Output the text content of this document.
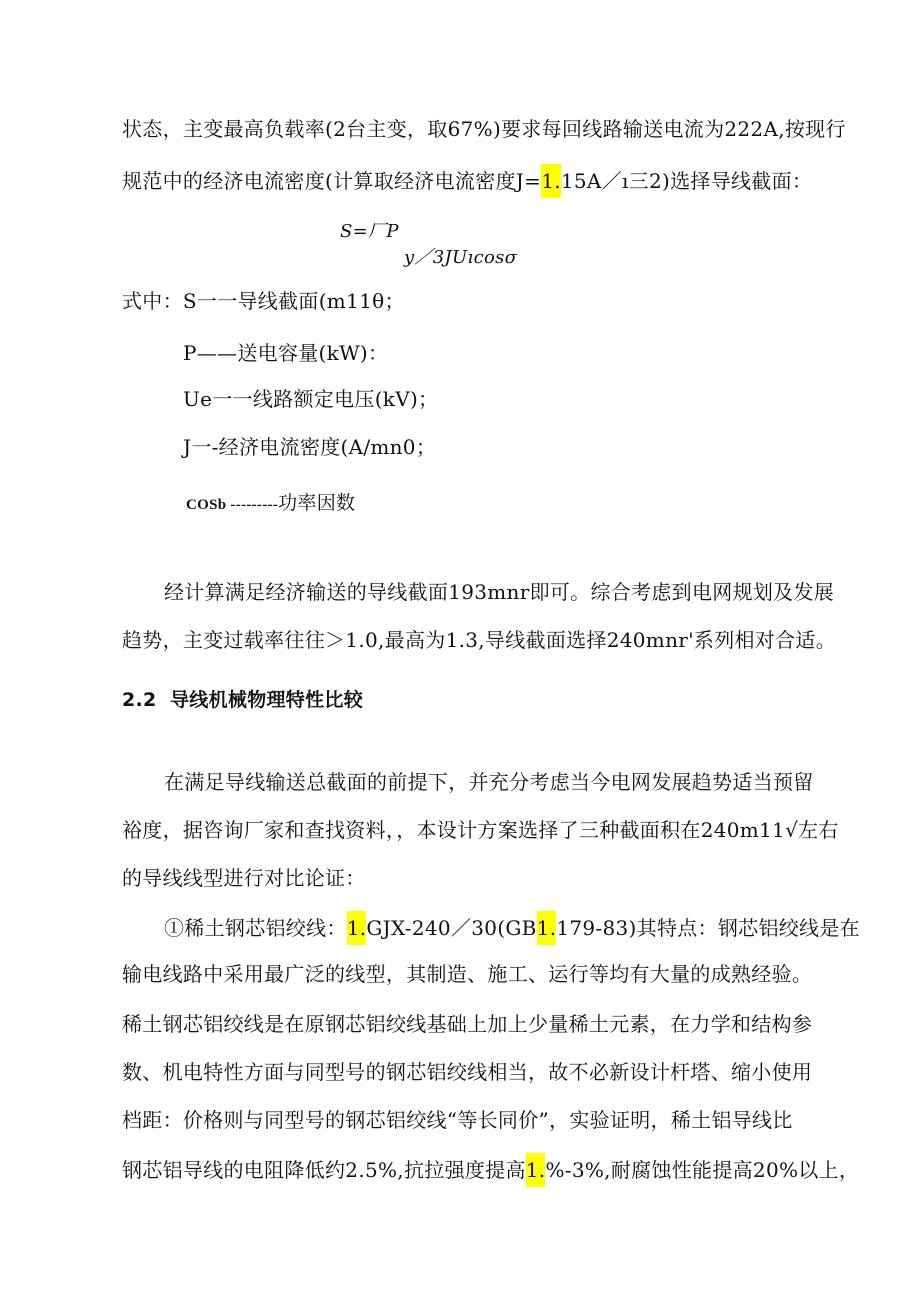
状态，主变最高负载率(2台主变，取67%)要求每回线路输送电流为222A,按现行
规范中的经济电流密度(计算取经济电流密度J=1.15A／ı三2)选择导线截面：
S=厂P
y／3JUıcosσ
式中：S一一导线截面(m11θ；
P——送电容量(kW)：
Ue一一线路额定电压(kV)；
J一-经济电流密度(A/mn0；
COSb ---------功率因数
经计算满足经济输送的导线截面193mnr即可。综合考虑到电网规划及发展
趋势，主变过载率往往＞1.0,最高为1.3,导线截面选择240mnr'系列相对合适。
2.2 导线机械物理特性比较
在满足导线输送总截面的前提下，并充分考虑当今电网发展趋势适当预留
裕度，据咨询厂家和查找资料，，本设计方案选择了三种截面积在240m11√左右
的导线线型进行对比论证：
①稀土钢芯铝绞线：1.GJX-240／30(GB1.179-83)其特点：钢芯铝绞线是在
输电线路中采用最广泛的线型，其制造、施工、运行等均有大量的成熟经验。
稀土钢芯铝绞线是在原钢芯铝绞线基础上加上少量稀土元素，在力学和结构参
数、机电特性方面与同型号的钢芯铝绞线相当，故不必新设计杆塔、缩小使用
档距：价格则与同型号的钢芯铝绞线“等长同价”，实验证明，稀土铝导线比
钢芯铝导线的电阻降低约2.5%,抗拉强度提高1.%-3%,耐腐蚀性能提高20%以上，
